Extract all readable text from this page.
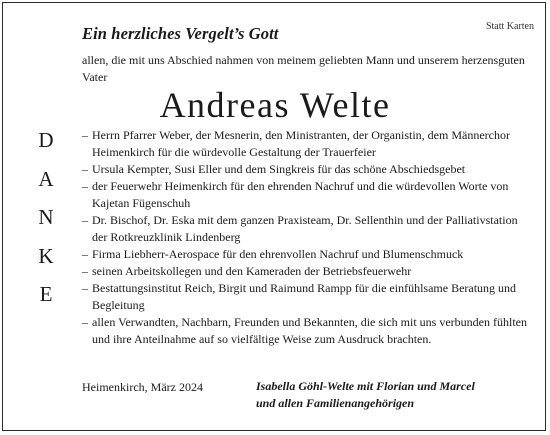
Statt Karten
Ein herzliches Vergelt’s Gott
allen, die mit uns Abschied nahmen von meinem geliebten Mann und unserem herzensguten Vater
Andreas Welte
D
A
N
K
E
– Herrn Pfarrer Weber, der Mesnerin, den Ministranten, der Organistin, dem Männerchor Heimenkirch für die würdevolle Gestaltung der Trauerfeier
– Ursula Kempter, Susi Eller und dem Singkreis für das schöne Abschiedsgebet
– der Feuerwehr Heimenkirch für den ehrenden Nachruf und die würdevollen Worte von Kajetan Fügenschuh
– Dr. Bischof, Dr. Eska mit dem ganzen Praxisteam, Dr. Sellenthin und der Palliativstation der Rotkreuzklinik Lindenberg
– Firma Liebherr-Aerospace für den ehrenvollen Nachruf und Blumenschmuck
– seinen Arbeitskollegen und den Kameraden der Betriebsfeuerwehr
– Bestattungsinstitut Reich, Birgit und Raimund Rampp für die einfühlsame Beratung und Begleitung
– allen Verwandten, Nachbarn, Freunden und Bekannten, die sich mit uns verbunden fühlten und ihre Anteilnahme auf so vielfältige Weise zum Ausdruck brachten.
Heimenkirch, März 2024	Isabella Göhl-Welte mit Florian und Marcel
und allen Familienangehörigen
